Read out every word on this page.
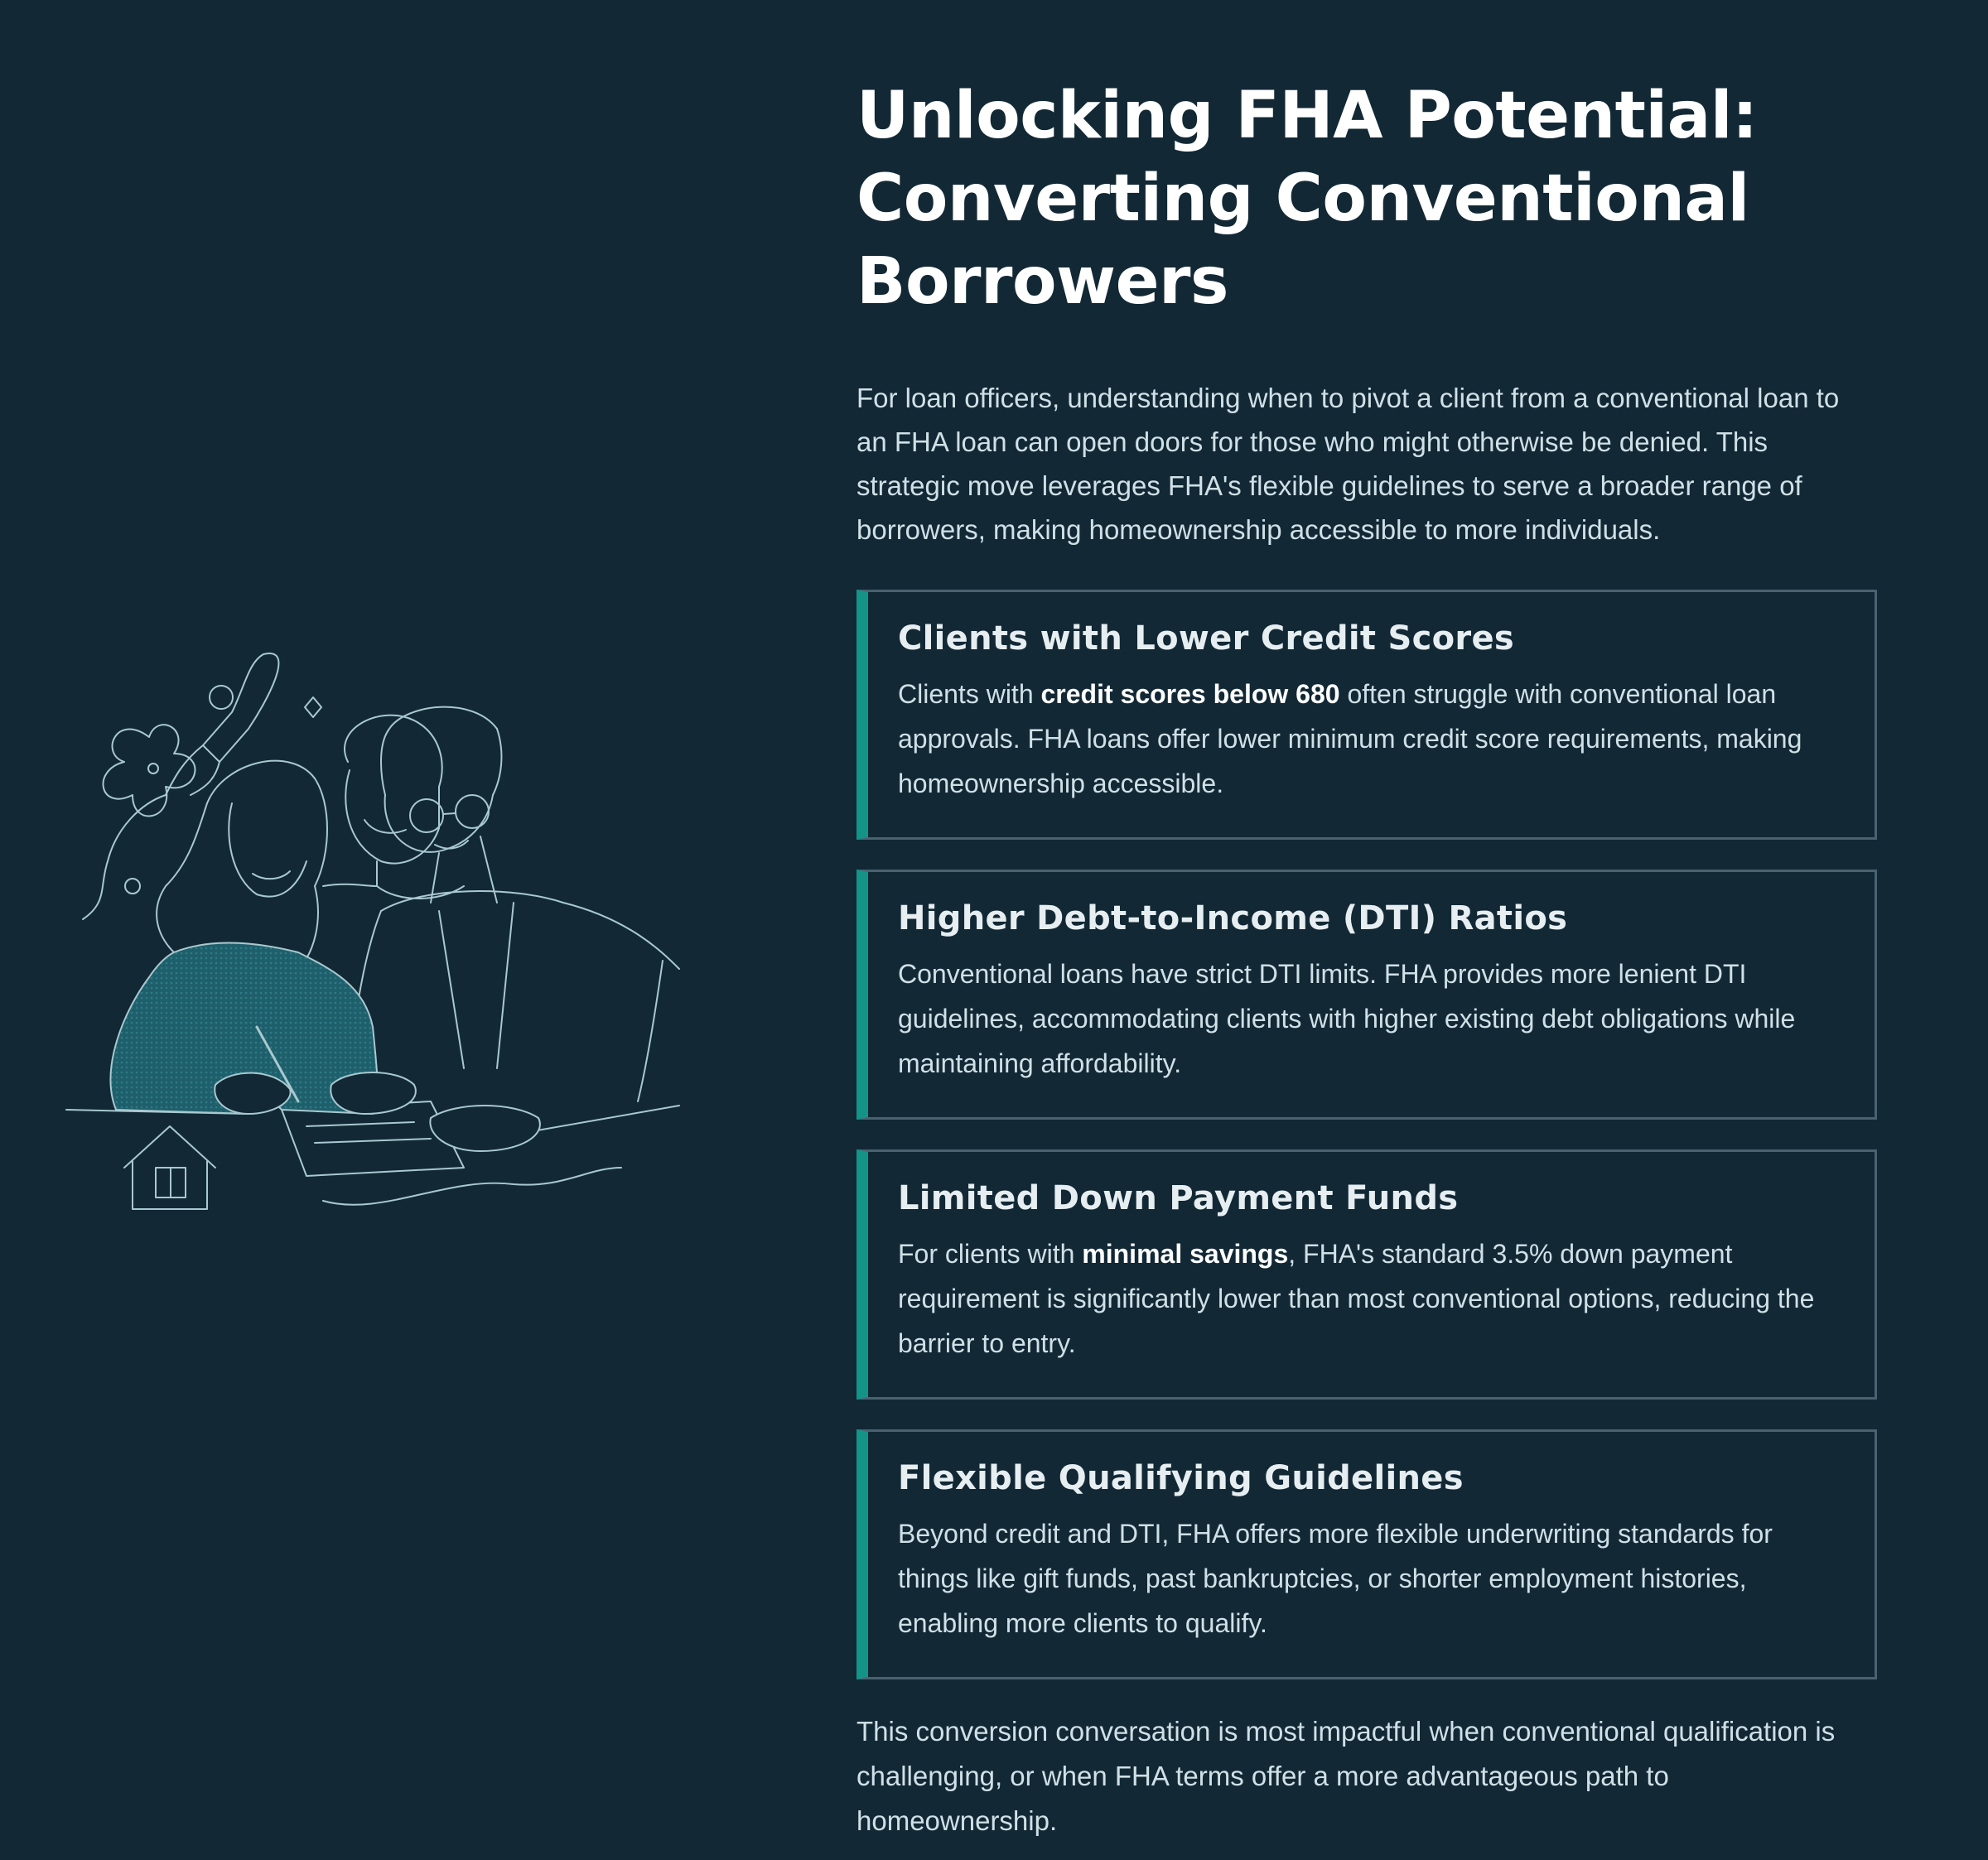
Unlocking FHA Potential:
Converting Conventional
Borrowers

For loan officers, understanding when to pivot a client from a conventional loan to an FHA loan can open doors for those who might otherwise be denied. This strategic move leverages FHA's flexible guidelines to serve a broader range of borrowers, making homeownership accessible to more individuals.

Clients with Lower Credit Scores

Clients with credit scores below 680 often struggle with conventional loan approvals. FHA loans offer lower minimum credit score requirements, making homeownership accessible.

Higher Debt-to-Income (DTI) Ratios

Conventional loans have strict DTI limits. FHA provides more lenient DTI guidelines, accommodating clients with higher existing debt obligations while maintaining affordability.

Limited Down Payment Funds

For clients with minimal savings, FHA's standard 3.5% down payment requirement is significantly lower than most conventional options, reducing the barrier to entry.

Flexible Qualifying Guidelines

Beyond credit and DTI, FHA offers more flexible underwriting standards for things like gift funds, past bankruptcies, or shorter employment histories, enabling more clients to qualify.

This conversion conversation is most impactful when conventional qualification is challenging, or when FHA terms offer a more advantageous path to homeownership.
